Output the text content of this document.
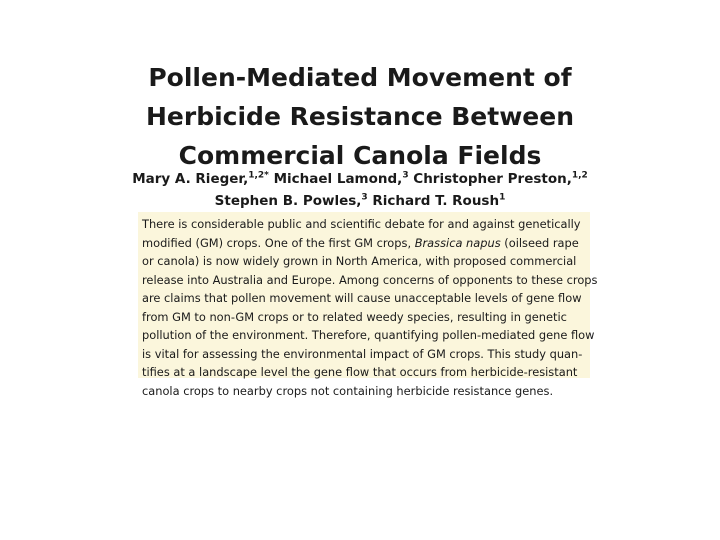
Pollen-Mediated Movement of
Herbicide Resistance Between
Commercial Canola Fields
Mary A. Rieger,$^{1,2*}$ Michael Lamond,$^3$ Christopher Preston,$^{1,2}$
Stephen B. Powles,$^3$ Richard T. Roush$^1$
There is considerable public and scientific debate for and against genetically
modified (GM) crops. One of the first GM crops, Brassica napus (oilseed rape
or canola) is now widely grown in North America, with proposed commercial
release into Australia and Europe. Among concerns of opponents to these crops
are claims that pollen movement will cause unacceptable levels of gene flow
from GM to non-GM crops or to related weedy species, resulting in genetic
pollution of the environment. Therefore, quantifying pollen-mediated gene flow
is vital for assessing the environmental impact of GM crops. This study quan-
tifies at a landscape level the gene flow that occurs from herbicide-resistant
canola crops to nearby crops not containing herbicide resistance genes.
